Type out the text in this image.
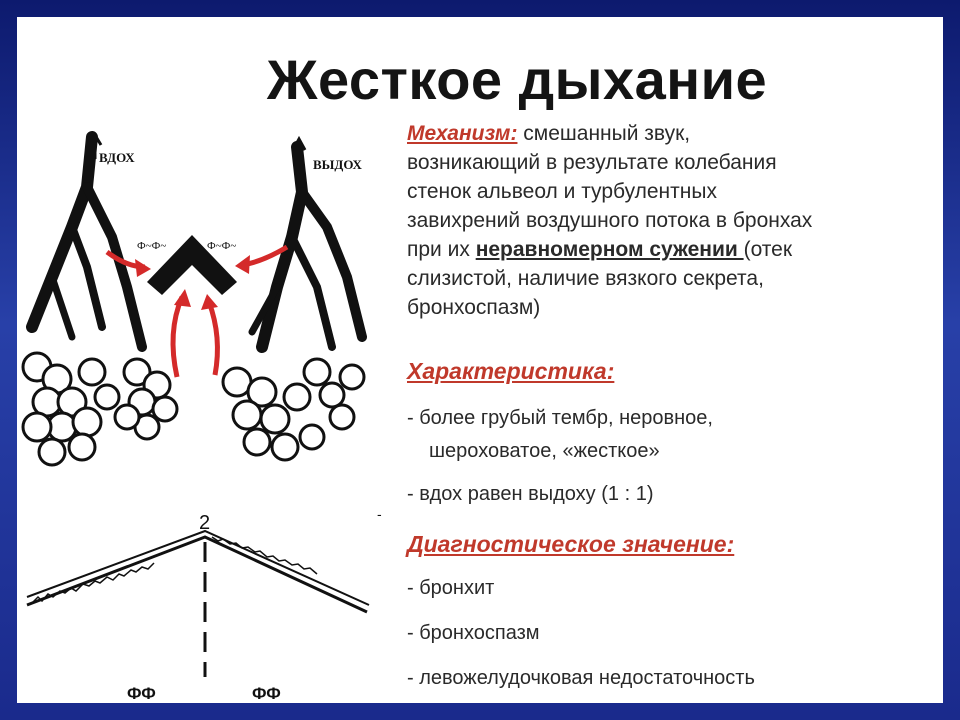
Жесткое дыхание
Механизм: смешанный звук,
возникающий в результате колебания
стенок альвеол и турбулентных
завихрений воздушного потока в бронхах
при их неравномерном сужении (отек
слизистой, наличие вязкого секрета,
бронхоспазм)
Характеристика:
- более грубый тембр, неровное,
шероховатое, «жесткое»
- вдох равен выдоху (1 : 1)
Диагностическое значение:
- бронхит
- бронхоспазм
- левожелудочковая недостаточность
ВДОХ	ВЫДОХ
Ф~Ф~	Ф~Ф~
2	-
ФФ	ФФ
